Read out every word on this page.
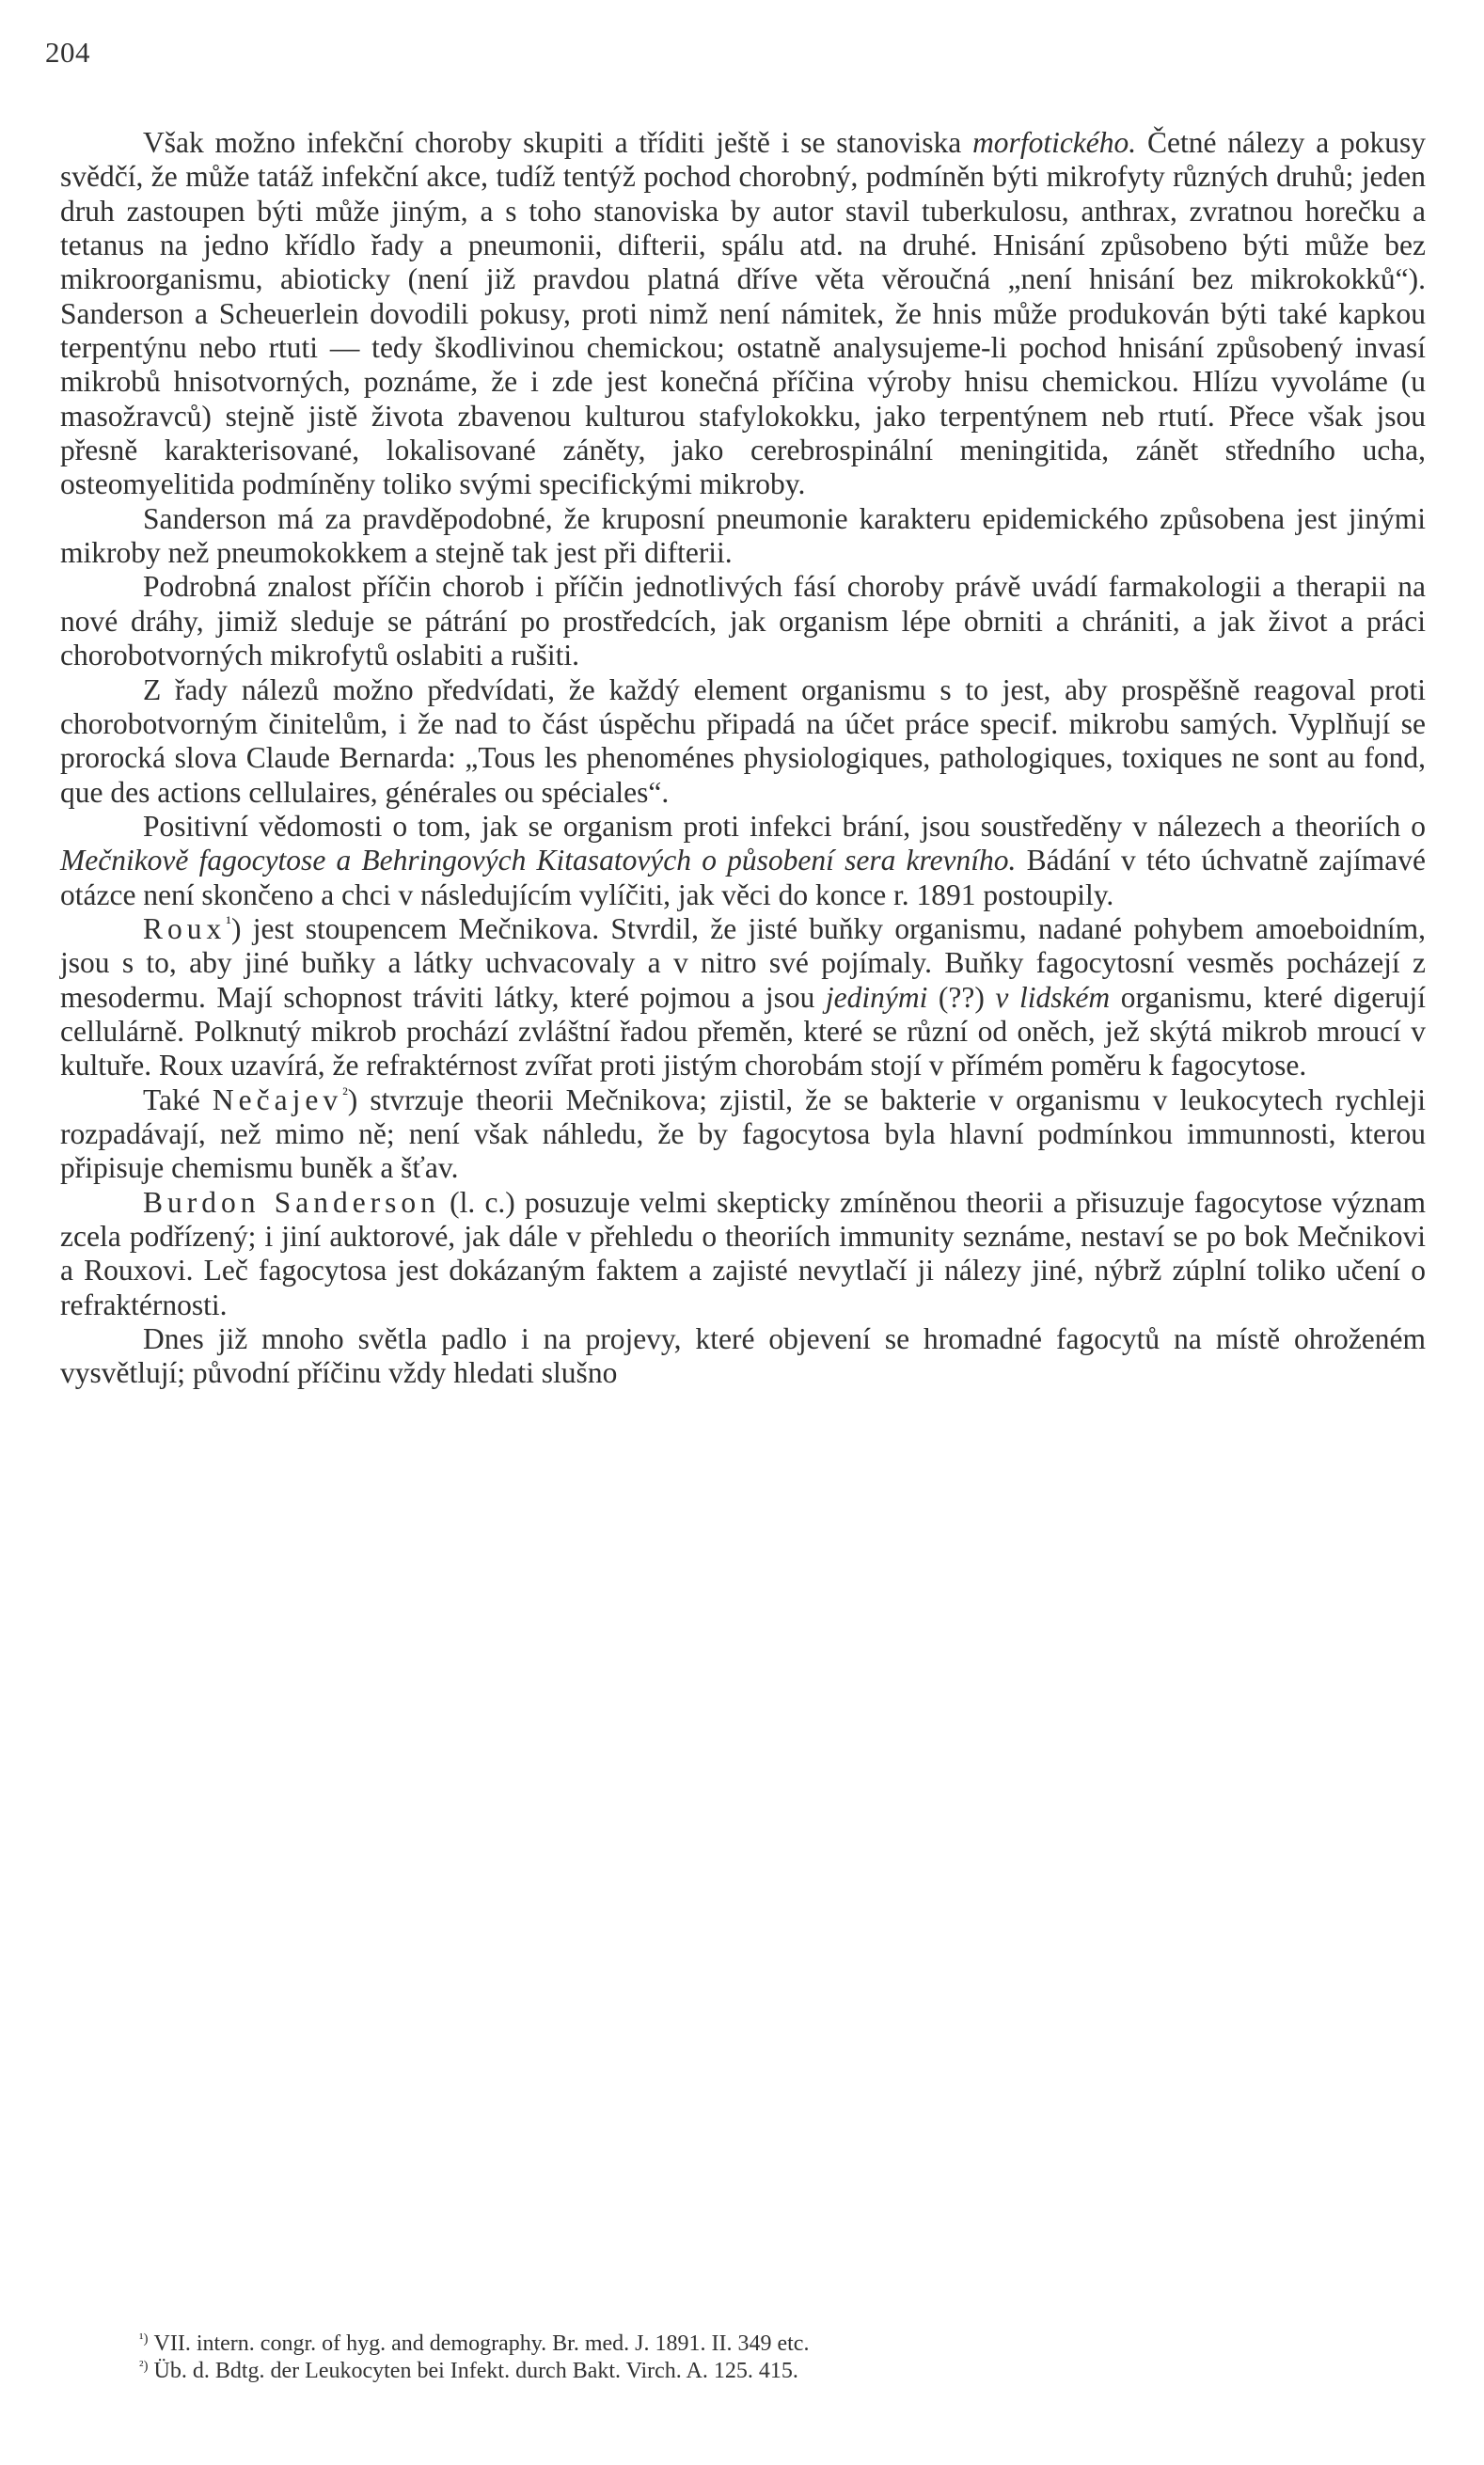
204

Však možno infekční choroby skupiti a tříditi ještě i se stanoviska morfotického. Četné nálezy a pokusy svědčí, že může tatáž infekční akce, tudíž tentýž pochod chorobný, podmíněn býti mikrofyty různých druhů; jeden druh zastoupen býti může jiným, a s toho stanoviska by autor stavil tuberkulosu, anthrax, zvratnou horečku a tetanus na jedno křídlo řady a pneumonii, difterii, spálu atd. na druhé. Hnisání způsobeno býti může bez mikroorganismu, abioticky (není již pravdou platná dříve věta věroučná „není hnisání bez mikrokokků“). Sanderson a Scheuerlein dovodili pokusy, proti nimž není námitek, že hnis může produkován býti také kapkou terpentýnu nebo rtuti — tedy škodlivinou chemickou; ostatně analysujeme-li pochod hnisání způsobený invasí mikrobů hnisotvorných, poznáme, že i zde jest konečná příčina výroby hnisu chemickou. Hlízu vyvoláme (u masožravců) stejně jistě života zbavenou kulturou stafylokokku, jako terpentýnem neb rtutí. Přece však jsou přesně karakterisované, lokalisované záněty, jako cerebrospinální meningitida, zánět středního ucha, osteomyelitida podmíněny toliko svými specifickými mikroby.

Sanderson má za pravděpodobné, že kruposní pneumonie karakteru epidemického způsobena jest jinými mikroby než pneumokokkem a stejně tak jest při difterii.

Podrobná znalost příčin chorob i příčin jednotlivých fásí choroby právě uvádí farmakologii a therapii na nové dráhy, jimiž sleduje se pátrání po prostředcích, jak organism lépe obrniti a chrániti, a jak život a práci chorobotvorných mikrofytů oslabiti a rušiti.

Z řady nálezů možno předvídati, že každý element organismu s to jest, aby prospěšně reagoval proti chorobotvorným činitelům, i že nad to část úspěchu připadá na účet práce specif. mikrobu samých. Vyplňují se prorocká slova Claude Bernarda: „Tous les phenoménes physiologiques, pathologiques, toxiques ne sont au fond, que des actions cellulaires, générales ou spéciales“.

Positivní vědomosti o tom, jak se organism proti infekci brání, jsou soustředěny v nálezech a theoriích o Mečnikově fagocytose a Behringových Kitasatových o působení sera krevního. Bádání v této úchvatně zajímavé otázce není skončeno a chci v následujícím vylíčiti, jak věci do konce r. 1891 postoupily.

Roux$^{^1}$) jest stoupencem Mečnikova. Stvrdil, že jisté buňky organismu, nadané pohybem amoeboidním, jsou s to, aby jiné buňky a látky uchvacovaly a v nitro své pojímaly. Buňky fagocytosní vesměs pocházejí z mesodermu. Mají schopnost tráviti látky, které pojmou a jsou jedinými (??) v lidském organismu, které digerují cellulárně. Polknutý mikrob prochází zvláštní řadou přeměn, které se různí od oněch, jež skýtá mikrob mroucí v kultuře. Roux uzavírá, že refraktérnost zvířat proti jistým chorobám stojí v přímém poměru k fagocytose.

Také Nečajev$^{^2}$) stvrzuje theorii Mečnikova; zjistil, že se bakterie v organismu v leukocytech rychleji rozpadávají, než mimo ně; není však náhledu, že by fagocytosa byla hlavní podmínkou immunnosti, kterou připisuje chemismu buněk a šťav.

Burdon Sanderson (l. c.) posuzuje velmi skepticky zmíněnou theorii a přisuzuje fagocytose význam zcela podřízený; i jiní auktorové, jak dále v přehledu o theoriích immunity seznáme, nestaví se po bok Mečnikovi a Rouxovi. Leč fagocytosa jest dokázaným faktem a zajisté nevytlačí ji nálezy jiné, nýbrž zúplní toliko učení o refraktérnosti.

Dnes již mnoho světla padlo i na projevy, které objevení se hromadné fagocytů na místě ohroženém vysvětlují; původní příčinu vždy hledati slušno

$^{^1)}$ VII. intern. congr. of hyg. and demography. Br. med. J. 1891. II. 349 etc.
$^{^2)}$ Üb. d. Bdtg. der Leukocyten bei Infekt. durch Bakt. Virch. A. 125. 415.
